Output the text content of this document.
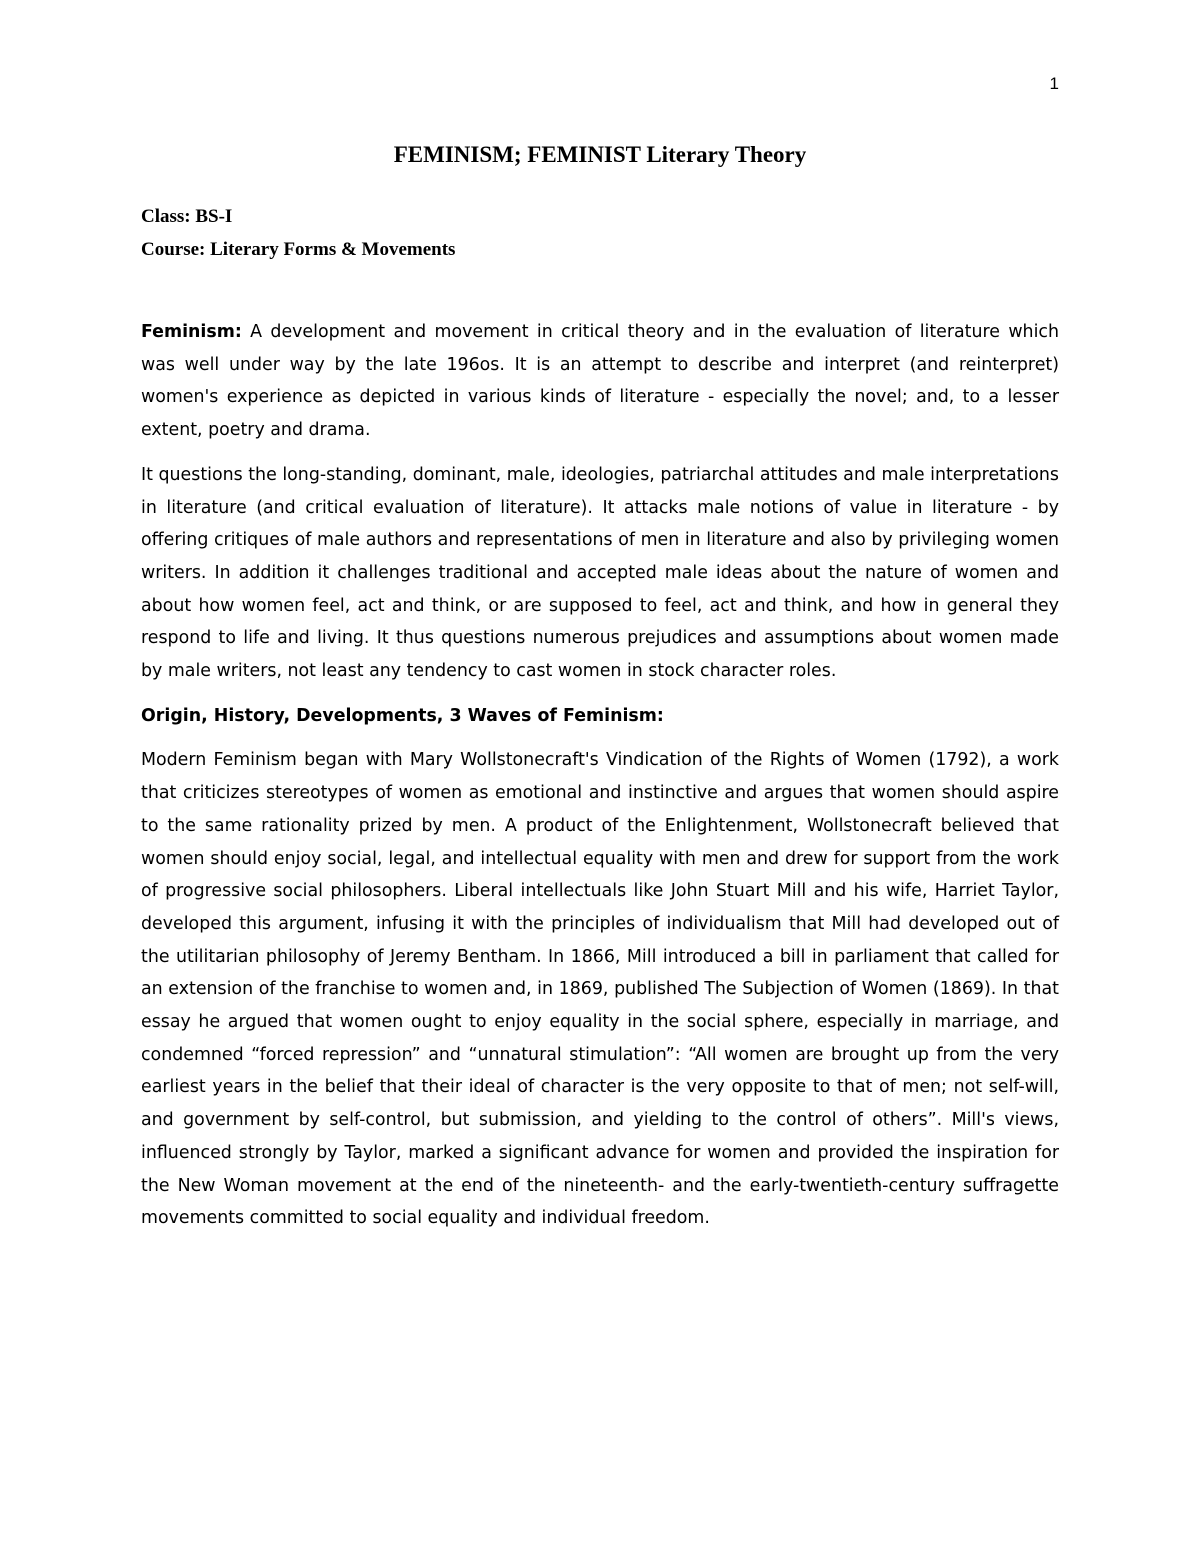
1
FEMINISM; FEMINIST Literary Theory
Class: BS-I
Course: Literary Forms & Movements

Feminism: A development and movement in critical theory and in the evaluation of literature which was well under way by the late 196os. It is an attempt to describe and interpret (and reinterpret) women's experience as depicted in various kinds of literature - especially the novel; and, to a lesser extent, poetry and drama.

It questions the long-standing, dominant, male, ideologies, patriarchal attitudes and male interpretations in literature (and critical evaluation of literature). It attacks male notions of value in literature - by offering critiques of male authors and representations of men in literature and also by privileging women writers. In addition it challenges traditional and accepted male ideas about the nature of women and about how women feel, act and think, or are supposed to feel, act and think, and how in general they respond to life and living. It thus questions numerous prejudices and assumptions about women made by male writers, not least any tendency to cast women in stock character roles.

Origin, History, Developments, 3 Waves of Feminism:

Modern Feminism began with Mary Wollstonecraft's Vindication of the Rights of Women (1792), a work that criticizes stereotypes of women as emotional and instinctive and argues that women should aspire to the same rationality prized by men. A product of the Enlightenment, Wollstonecraft believed that women should enjoy social, legal, and intellectual equality with men and drew for support from the work of progressive social philosophers. Liberal intellectuals like John Stuart Mill and his wife, Harriet Taylor, developed this argument, infusing it with the principles of individualism that Mill had developed out of the utilitarian philosophy of Jeremy Bentham. In 1866, Mill introduced a bill in parliament that called for an extension of the franchise to women and, in 1869, published The Subjection of Women (1869). In that essay he argued that women ought to enjoy equality in the social sphere, especially in marriage, and condemned “forced repression” and “unnatural stimulation”: “All women are brought up from the very earliest years in the belief that their ideal of character is the very opposite to that of men; not self-will, and government by self-control, but submission, and yielding to the control of others”. Mill's views, influenced strongly by Taylor, marked a significant advance for women and provided the inspiration for the New Woman movement at the end of the nineteenth- and the early-twentieth-century suffragette movements committed to social equality and individual freedom.
